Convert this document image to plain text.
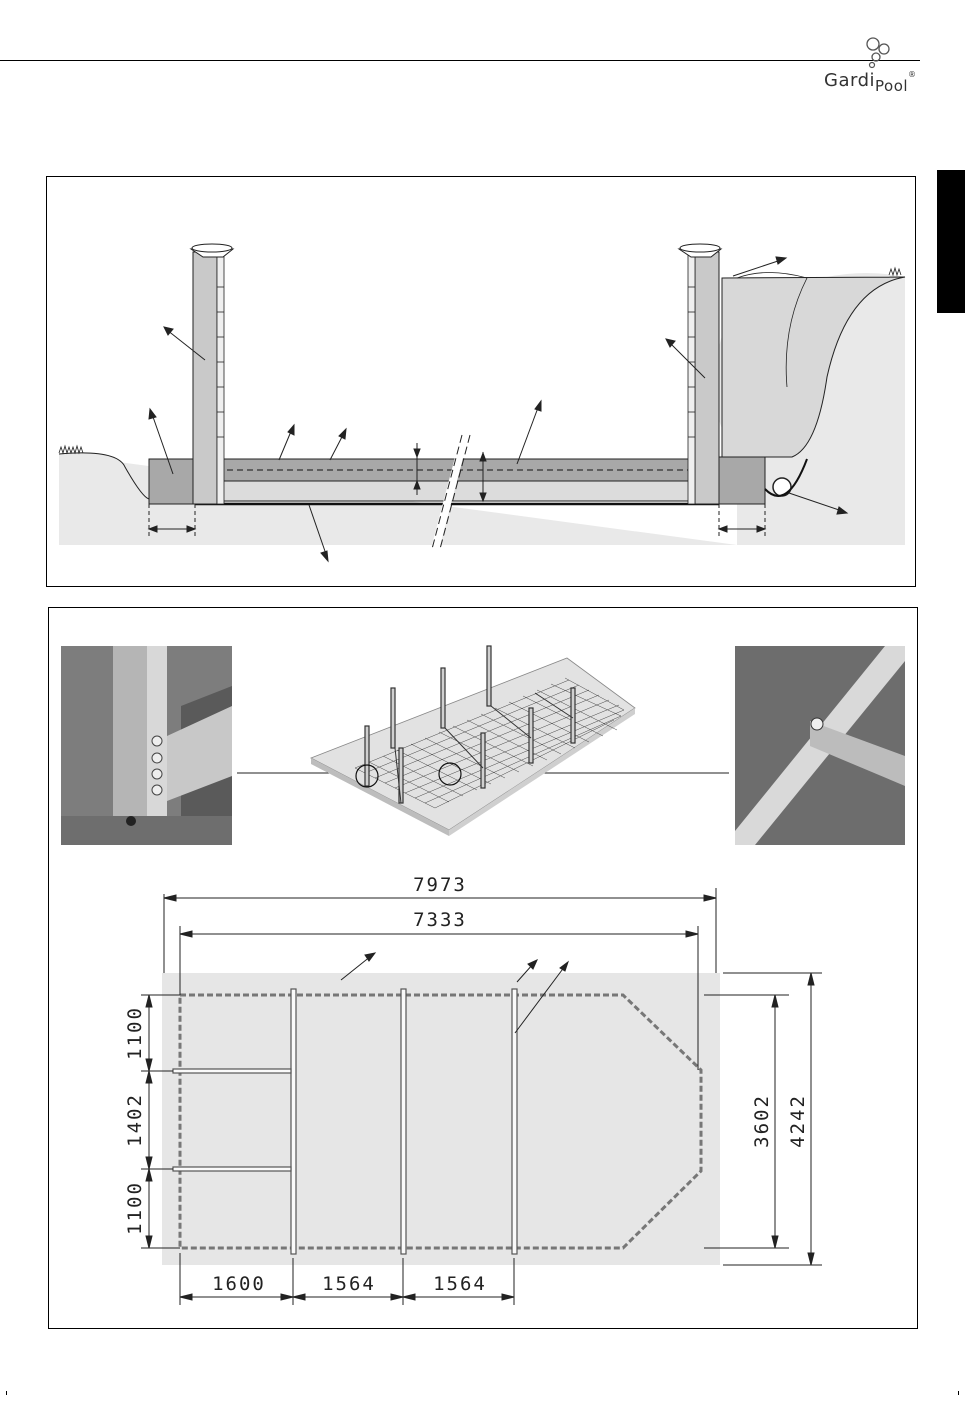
Gardi$_{Pool}$®
7973
7333
1600	1564	1564
1100
1402
1100
3602 4242
